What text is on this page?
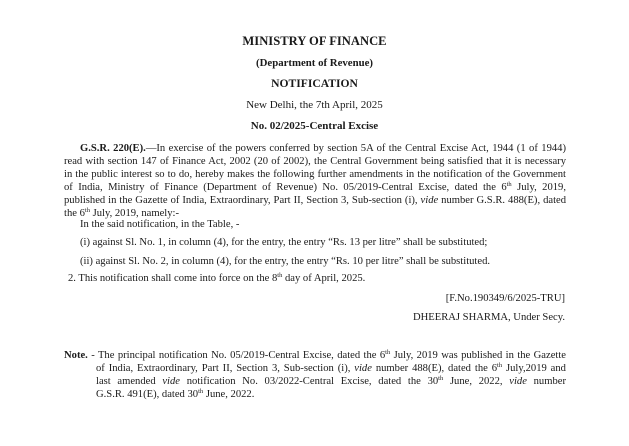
MINISTRY OF FINANCE
(Department of Revenue)
NOTIFICATION
New Delhi, the 7th April, 2025
No. 02/2025-Central Excise
G.S.R. 220(E).—In exercise of the powers conferred by section 5A of the Central Excise Act, 1944 (1 of 1944)
read with section 147 of Finance Act, 2002 (20 of 2002), the Central Government being satisfied that it is necessary
in the public interest so to do, hereby makes the following further amendments in the notification of the Government
of India, Ministry of Finance (Department of Revenue) No. 05/2019-Central Excise, dated the 6th July, 2019,
published in the Gazette of India, Extraordinary, Part II, Section 3, Sub-section (i), vide number G.S.R. 488(E), dated
the 6th July, 2019, namely:-
In the said notification, in the Table, -
(i) against Sl. No. 1, in column (4), for the entry, the entry “Rs. 13 per litre” shall be substituted;
(ii) against Sl. No. 2, in column (4), for the entry, the entry “Rs. 10 per litre” shall be substituted.
2. This notification shall come into force on the 8th day of April, 2025.
[F.No.190349/6/2025-TRU]
DHEERAJ SHARMA, Under Secy.
Note. - The principal notification No. 05/2019-Central Excise, dated the 6th July, 2019 was published in the Gazette
of India, Extraordinary, Part II, Section 3, Sub-section (i), vide number 488(E), dated the 6th July,2019 and
last amended vide notification No. 03/2022-Central Excise, dated the 30th June, 2022, vide number
G.S.R. 491(E), dated 30th June, 2022.
